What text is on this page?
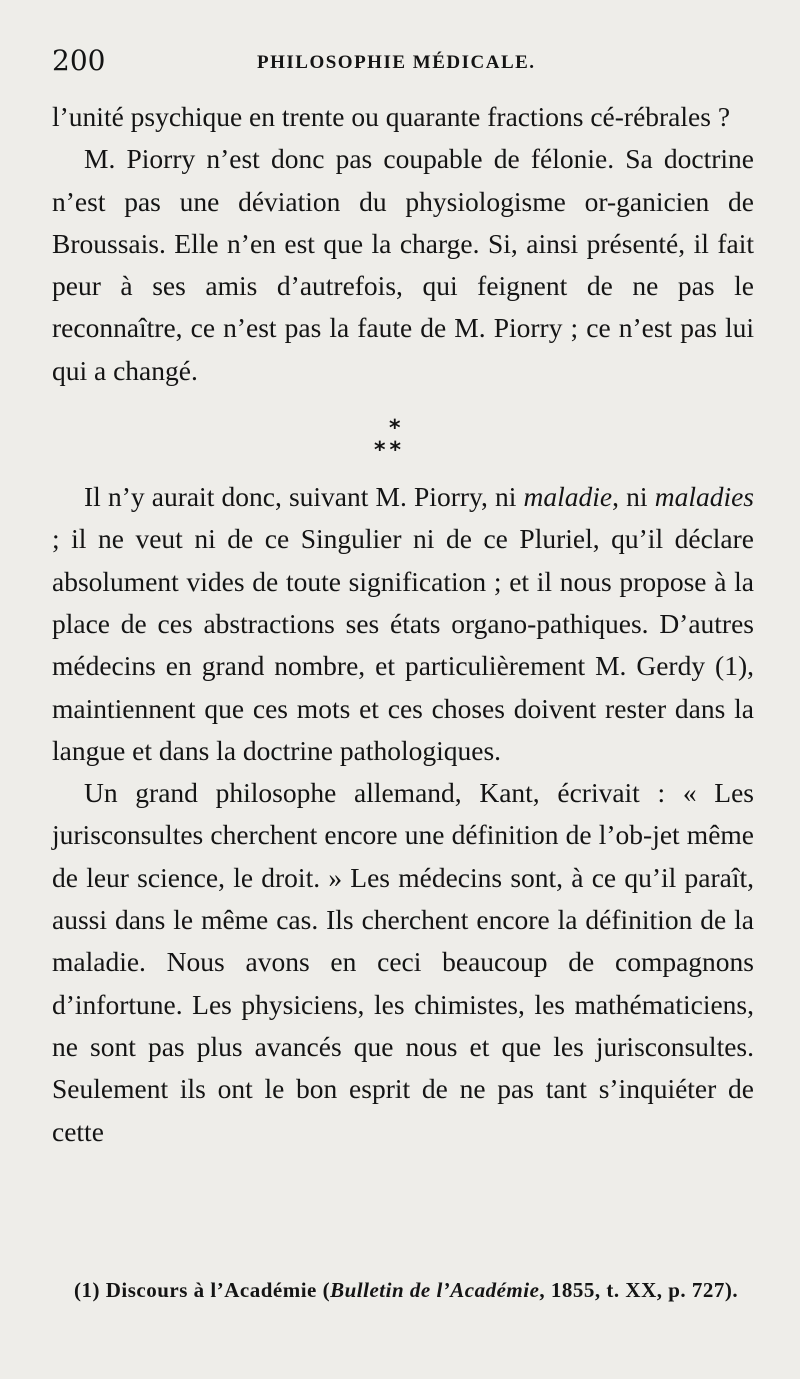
200	PHILOSOPHIE MÉDICALE.

l’unité psychique en trente ou quarante fractions cé-rébrales ?

M. Piorry n’est donc pas coupable de félonie. Sa doctrine n’est pas une déviation du physiologisme or-ganicien de Broussais. Elle n’en est que la charge. Si, ainsi présenté, il fait peur à ses amis d’autrefois, qui feignent de ne pas le reconnaître, ce n’est pas la faute de M. Piorry ; ce n’est pas lui qui a changé.

*
**

Il n’y aurait donc, suivant M. Piorry, ni maladie, ni maladies ; il ne veut ni de ce Singulier ni de ce Pluriel, qu’il déclare absolument vides de toute signification ; et il nous propose à la place de ces abstractions ses états organo-pathiques. D’autres médecins en grand nombre, et particulièrement M. Gerdy (1), maintiennent que ces mots et ces choses doivent rester dans la langue et dans la doctrine pathologiques.

Un grand philosophe allemand, Kant, écrivait : « Les jurisconsultes cherchent encore une définition de l’ob-jet même de leur science, le droit. » Les médecins sont, à ce qu’il paraît, aussi dans le même cas. Ils cherchent encore la définition de la maladie. Nous avons en ceci beaucoup de compagnons d’infortune. Les physiciens, les chimistes, les mathématiciens, ne sont pas plus avancés que nous et que les jurisconsultes. Seulement ils ont le bon esprit de ne pas tant s’inquiéter de cette

(1) Discours à l’Académie (Bulletin de l’Académie, 1855, t. XX, p. 727).
